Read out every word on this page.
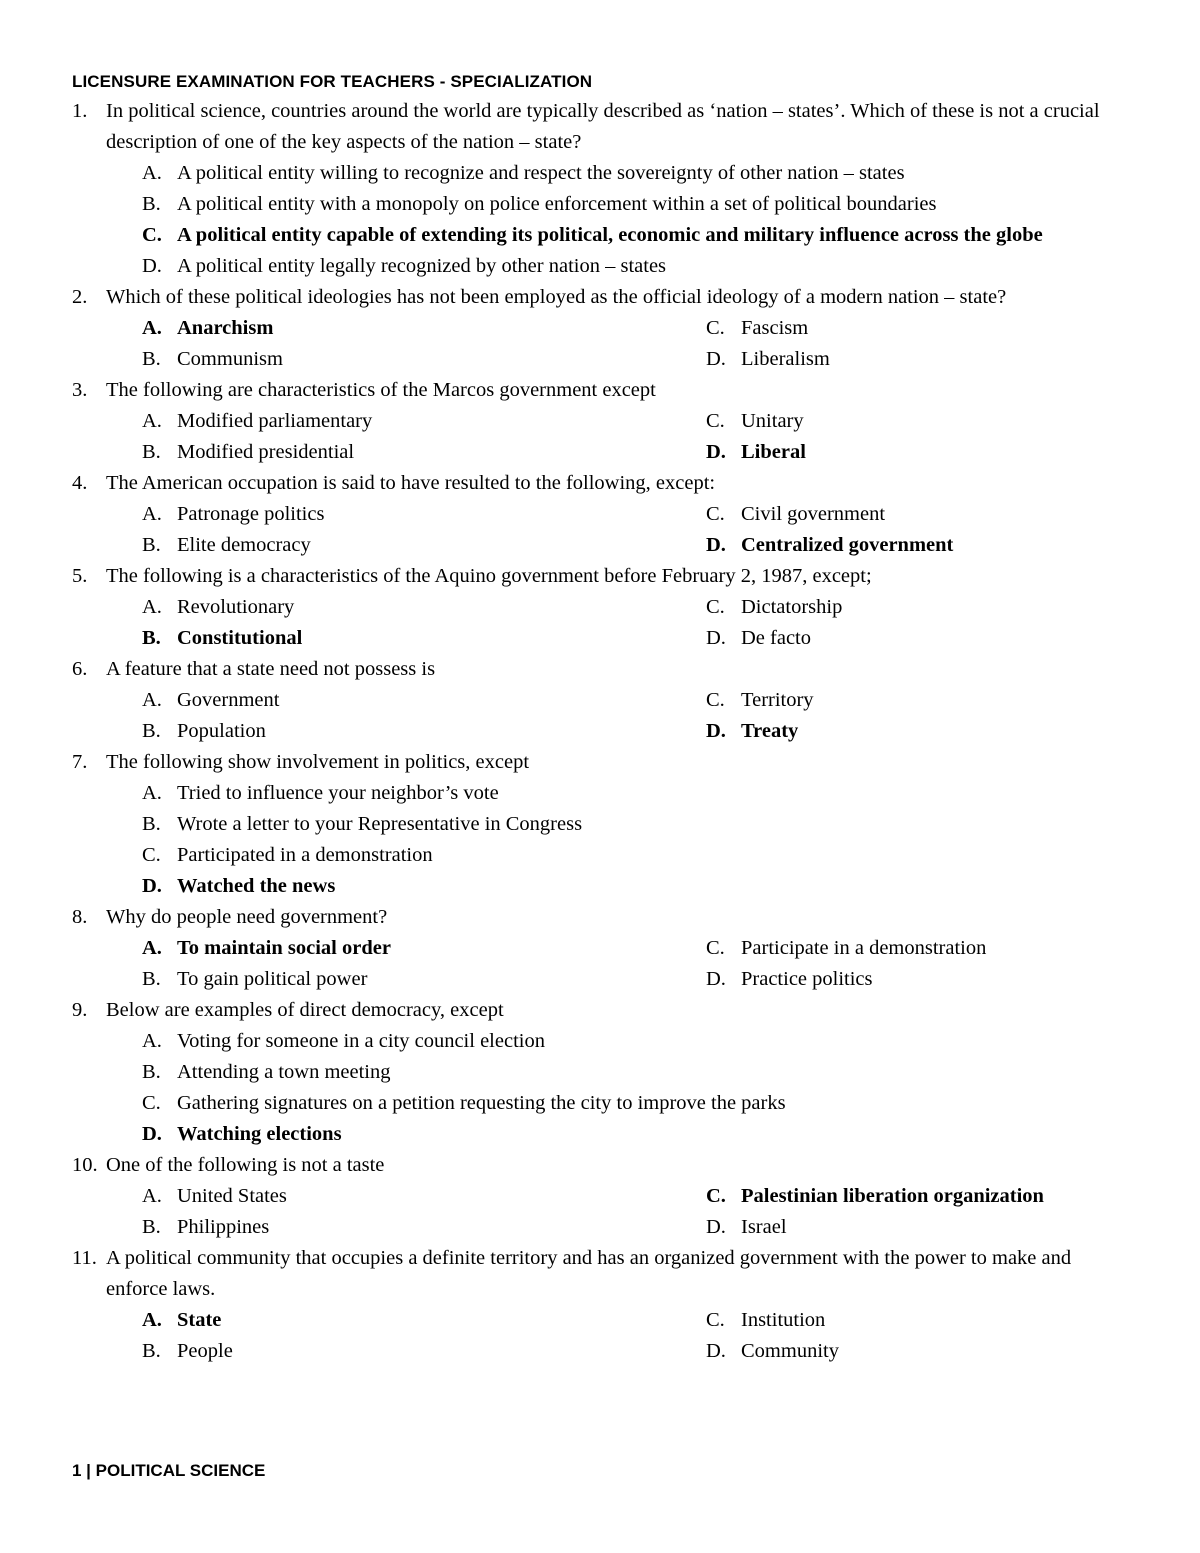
LICENSURE EXAMINATION FOR TEACHERS - SPECIALIZATION
1. In political science, countries around the world are typically described as ‘nation – states’. Which of these is not a crucial description of one of the key aspects of the nation – state?
A. A political entity willing to recognize and respect the sovereignty of other nation – states
B. A political entity with a monopoly on police enforcement within a set of political boundaries
C. A political entity capable of extending its political, economic and military influence across the globe
D. A political entity legally recognized by other nation – states
2. Which of these political ideologies has not been employed as the official ideology of a modern nation – state?
A. Anarchism	C. Fascism
B. Communism	D. Liberalism
3. The following are characteristics of the Marcos government except
A. Modified parliamentary	C. Unitary
B. Modified presidential	D. Liberal
4. The American occupation is said to have resulted to the following, except:
A. Patronage politics	C. Civil government
B. Elite democracy	D. Centralized government
5. The following is a characteristics of the Aquino government before February 2, 1987, except;
A. Revolutionary	C. Dictatorship
B. Constitutional	D. De facto
6. A feature that a state need not possess is
A. Government	C. Territory
B. Population	D. Treaty
7. The following show involvement in politics, except
A. Tried to influence your neighbor’s vote
B. Wrote a letter to your Representative in Congress
C. Participated in a demonstration
D. Watched the news
8. Why do people need government?
A. To maintain social order	C. Participate in a demonstration
B. To gain political power	D. Practice politics
9. Below are examples of direct democracy, except
A. Voting for someone in a city council election
B. Attending a town meeting
C. Gathering signatures on a petition requesting the city to improve the parks
D. Watching elections
10. One of the following is not a taste
A. United States	C. Palestinian liberation organization
B. Philippines	D. Israel
11. A political community that occupies a definite territory and has an organized government with the power to make and enforce laws.
A. State	C. Institution
B. People	D. Community
1 | POLITICAL SCIENCE
